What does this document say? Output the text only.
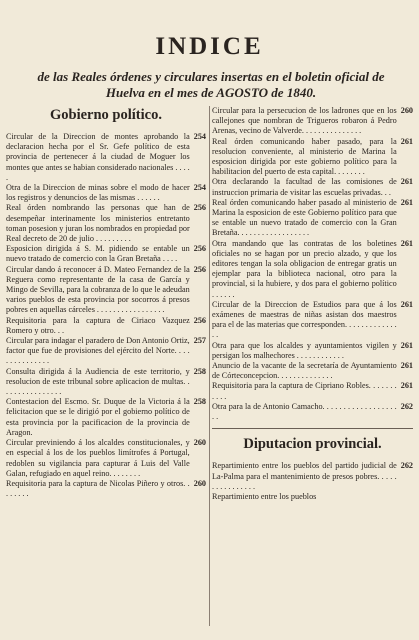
INDICE
de las Reales órdenes y circulares insertas en el boletin oficial de Huelva en el mes de AGOSTO de 1840.
Gobierno político.
Circular de la Direccion de montes aprobando la declaracion hecha por el Sr. Gefe político de esta provincia de pertenecer á la ciudad de Moguer los montes que antes se habian considerado nacionales . . . . .
254
Otra de la Direccion de minas sobre el modo de hacer los registros y denuncios de las mismas . . . . . .
254
Real órden nombrando las personas que han de desempeñar interinamente los ministerios entretanto toman posesion y juran los nombrados en propiedad por Real decreto de 20 de julio . . . . . . . . .
256
Esposicion dirigida á S. M. pidiendo se entable un nuevo tratado de comercio con la Gran Bretaña . . . .
256
Circular dando á reconocer á D. Mateo Fernandez de la Reguera como representante de la casa de García y Mingo de Sevilla, para la cobranza de lo que le adeudan varios pueblos de esta provincia por socorros á presos pobres en aquellas cárceles . . . . . . . . . . . . . . . . .
256
Requisitoria para la captura de Ciriaco Vazquez Romero y otro. . .
256
Circular para indagar el paradero de Don Antonio Ortiz, factor que fue de provisiones del ejército del Norte. . . . . . . . . . . . . . .
257
Consulta dirigida á la Audiencia de este territorio, y resolucion de este tribunal sobre aplicacion de multas. . . . . . . . . . . . . . . .
258
Contestacion del Escmo. Sr. Duque de la Victoria á la felicitacion que se le dirigió por el gobierno político de esta provincia por la pacificacion de la provincia de Aragon.
258
Circular previniendo á los alcaldes constitucionales, y en especial á los de los pueblos limítrofes á Portugal, redoblen su vigilancia para capturar á Luis del Valle Galan, refugiado en aquel reino. . . . . . . .
260
Requisitoria para la captura de Nicolas Piñero y otros. . . . . . . .
260
Circular para la persecucion de los ladrones que en los callejones que nombran de Trigueros robaron á Pedro Arenas, vecino de Valverde. . . . . . . . . . . . . . .
260
Real órden comunicando haber pasado, para la resolucion conveniente, al ministerio de Marina la esposicion dirigida por este gobierno político para la habilitacion del puerto de esta capital. . . . . . . .
261
Otra declarando la facultad de las comisiones de instruccion primaria de visitar las escuelas privadas. . .
261
Real órden comunicando haber pasado al ministerio de Marina la esposicion de este Gobierno político para que se entable un nuevo tratado de comercio con la Gran Bretaña. . . . . . . . . . . . . . . . . .
261
Otra mandando que las contratas de los boletines oficiales no se hagan por un precio alzado, y que los editores tengan la sola obligacion de entregar gratis un ejemplar para la biblioteca nacional, otro para la provincial, si la hubiere, y dos para el gobierno político . . . . . .
261
Circular de la Direccion de Estudios para que á los exámenes de maestras de niñas asistan dos maestros para el de las materias que corresponden. . . . . . . . . . . . . . .
261
Otra para que los alcaldes y ayuntamientos vigilen y persigan los malhechores . . . . . . . . . . . .
261
Anuncio de la vacante de la secretaría de Ayuntamiento de Córteconcepcion. . . . . . . . . . . . . .
261
Requisitoria para la captura de Cipriano Robles. . . . . . . . . . .
261
Otra para la de Antonio Camacho. . . . . . . . . . . . . . . . . . . .
262
Diputacion provincial.
Repartimiento entre los pueblos del partido judicial de La-Palma para el mantenimiento de presos pobres. . . . . . . . . . . . . . . .
262
Repartimiento entre los pueblos
